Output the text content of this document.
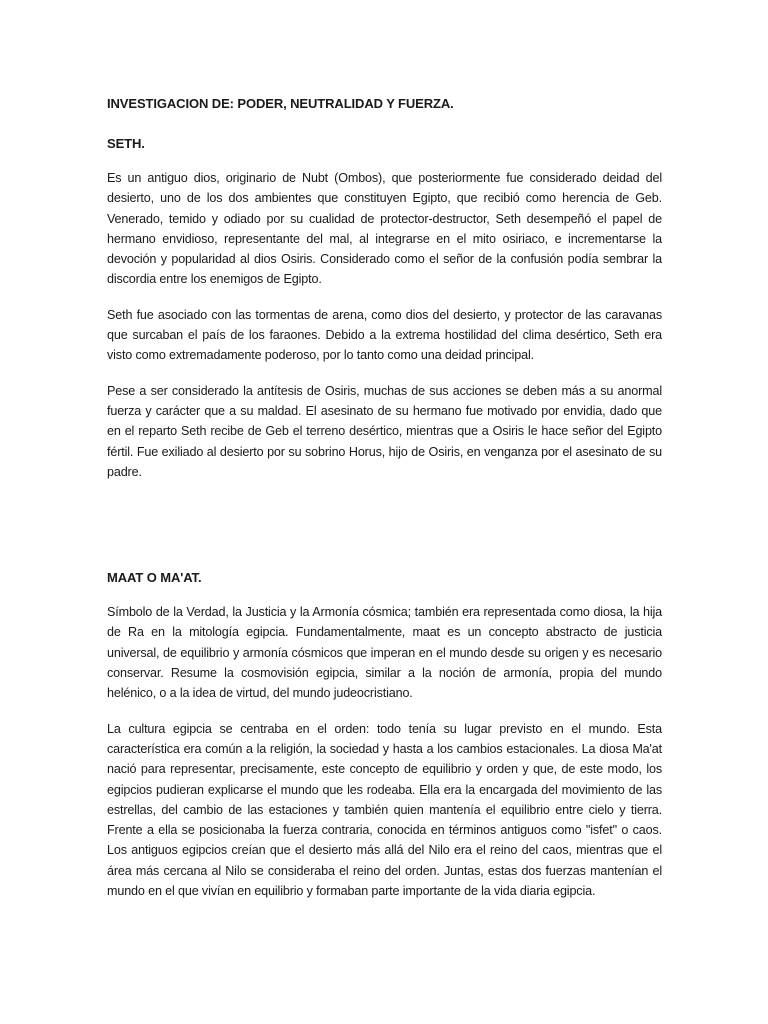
INVESTIGACION DE: PODER, NEUTRALIDAD Y FUERZA.
SETH.

Es un antiguo dios, originario de Nubt (Ombos), que posteriormente fue considerado deidad del desierto, uno de los dos ambientes que constituyen Egipto, que recibió como herencia de Geb. Venerado, temido y odiado por su cualidad de protector-destructor, Seth desempeñó el papel de hermano envidioso, representante del mal, al integrarse en el mito osiriaco, e incrementarse la devoción y popularidad al dios Osiris. Considerado como el señor de la confusión podía sembrar la discordia entre los enemigos de Egipto.

Seth fue asociado con las tormentas de arena, como dios del desierto, y protector de las caravanas que surcaban el país de los faraones. Debido a la extrema hostilidad del clima desértico, Seth era visto como extremadamente poderoso, por lo tanto como una deidad principal.

Pese a ser considerado la antítesis de Osiris, muchas de sus acciones se deben más a su anormal fuerza y carácter que a su maldad. El asesinato de su hermano fue motivado por envidia, dado que en el reparto Seth recibe de Geb el terreno desértico, mientras que a Osiris le hace señor del Egipto fértil. Fue exiliado al desierto por su sobrino Horus, hijo de Osiris, en venganza por el asesinato de su padre.

MAAT O MA'AT.

Símbolo de la Verdad, la Justicia y la Armonía cósmica; también era representada como diosa, la hija de Ra en la mitología egipcia. Fundamentalmente, maat es un concepto abstracto de justicia universal, de equilibrio y armonía cósmicos que imperan en el mundo desde su origen y es necesario conservar. Resume la cosmovisión egipcia, similar a la noción de armonía, propia del mundo helénico, o a la idea de virtud, del mundo judeocristiano.

La cultura egipcia se centraba en el orden: todo tenía su lugar previsto en el mundo. Esta característica era común a la religión, la sociedad y hasta a los cambios estacionales. La diosa Ma'at nació para representar, precisamente, este concepto de equilibrio y orden y que, de este modo, los egipcios pudieran explicarse el mundo que les rodeaba. Ella era la encargada del movimiento de las estrellas, del cambio de las estaciones y también quien mantenía el equilibrio entre cielo y tierra. Frente a ella se posicionaba la fuerza contraria, conocida en términos antiguos como "isfet" o caos. Los antiguos egipcios creían que el desierto más allá del Nilo era el reino del caos, mientras que el área más cercana al Nilo se consideraba el reino del orden. Juntas, estas dos fuerzas mantenían el mundo en el que vivían en equilibrio y formaban parte importante de la vida diaria egipcia.
